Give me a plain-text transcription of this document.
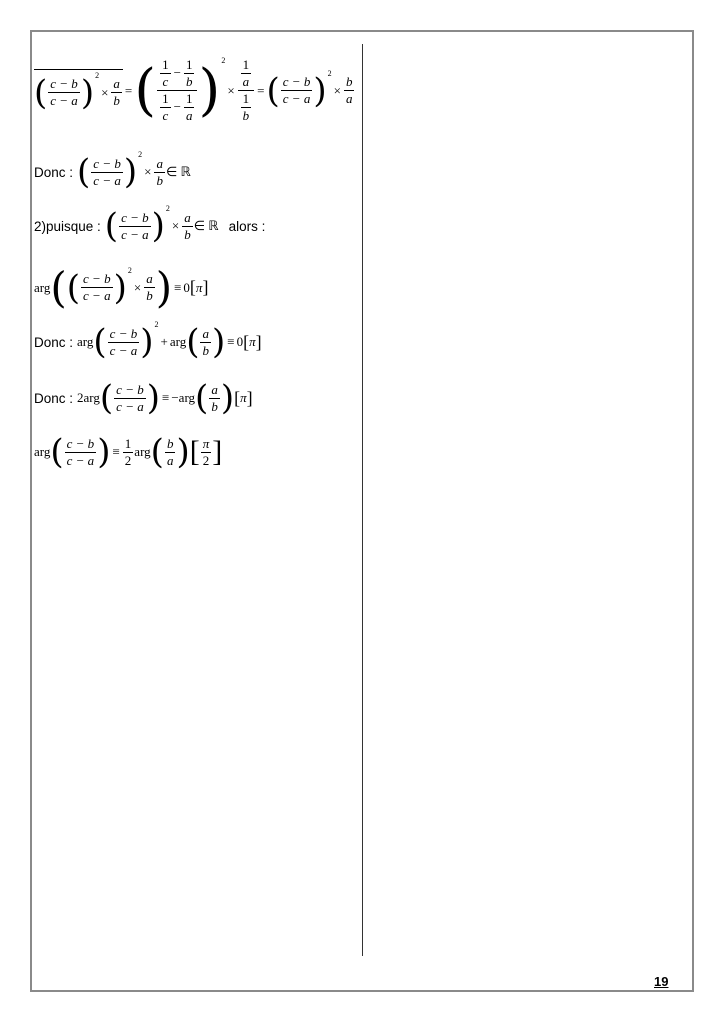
( $\frac{c - b}{c - a}$ ) 2
× $\frac{a}{b}$ = ( $\frac{\frac{1}{c} - \frac{1}{b}}{\frac{1}{c} - \frac{1}{a}}$ ) 2
× $\frac{\frac{1}{a}}{\frac{1}{b}}$ = ( $\frac{c - b}{c - a}$ ) 2
× $\frac{b}{a}$
Donc : ( $\frac{c - b}{c - a}$ ) 2
× $\frac{a}{b}$ ∈ ℝ
2)puisque : ( $\frac{c - b}{c - a}$ ) 2
× $\frac{a}{b}$ ∈ ℝ alors :
arg ( ( $\frac{c - b}{c - a}$ ) 2
× $\frac{a}{b}$ ) ≡ 0 [ π ]
Donc : arg ( $\frac{c - b}{c - a}$ ) 2
+ arg ( $\frac{a}{b}$ ) ≡ 0 [ π ]
Donc : 2 arg ( $\frac{c - b}{c - a}$ ) ≡ − arg ( $\frac{a}{b}$ ) [ π ]
arg ( $\frac{c - b}{c - a}$ ) ≡ $\frac{1}{2}$ arg ( $\frac{b}{a}$ ) [ $\frac{\pi}{2}$ ]
19
